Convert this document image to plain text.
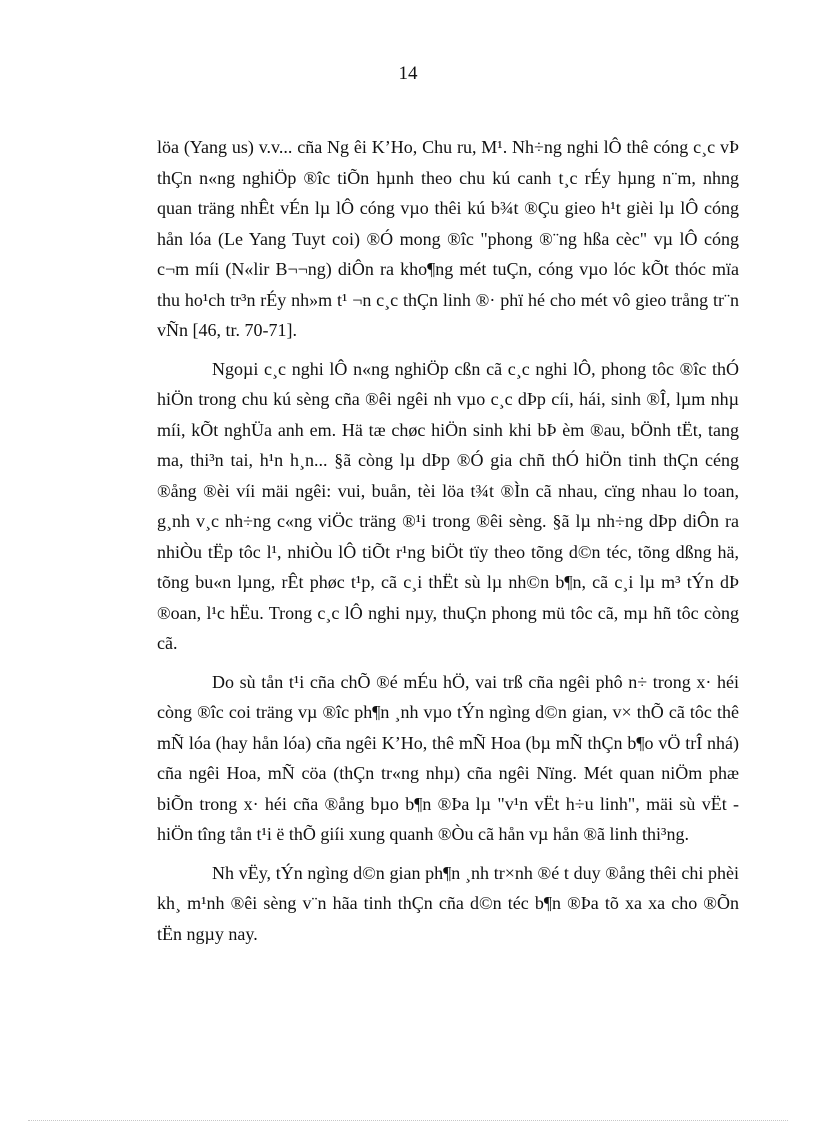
14

löa (Yang us) v.v... cña Ng êi K’Ho, Chu ru, M¹. Nh÷ng nghi lÔ thê cóng c¸c vÞ thÇn n«ng nghiÖp ®îc tiÕn hµnh theo chu kú canh t¸c rÉy hµng n¨m, nhng quan träng nhÊt vÉn lµ lÔ cóng vµo thêi kú b¾t ®Çu gieo h¹t gièi lµ lÔ cóng hån lóa (Le Yang Tuyt coi) ®Ó mong ®îc "phong ®¨ng hßa cèc" vµ lÔ cóng c¬m míi (N«lir B¬¬ng) diÔn ra kho¶ng mét tuÇn, cóng vµo lóc kÕt thóc mïa thu ho¹ch tr³n rÉy nh»m t¹ ¬n c¸c thÇn linh ®· phï hé cho mét vô gieo trång tr¨n vÑn [46, tr. 70-71].

Ngoµi c¸c nghi lÔ n«ng nghiÖp cßn cã c¸c nghi lÔ, phong tôc ®îc thÓ hiÖn trong chu kú sèng cña ®êi ngêi nh vµo c¸c dÞp cíi, hái, sinh ®Î, lµm nhµ míi, kÕt nghÜa anh em. Hä tæ chøc hiÖn sinh khi bÞ èm ®au, bÖnh tËt, tang ma, thi³n tai, h¹n h¸n... §ã còng lµ dÞp ®Ó gia chñ thÓ hiÖn tinh thÇn céng ®ång ®èi víi mäi ngêi: vui, buån, tèi löa t¾t ®Ìn cã nhau, cïng nhau lo toan, g¸nh v¸c nh÷ng c«ng viÖc träng ®¹i trong ®êi sèng. §ã lµ nh÷ng dÞp diÔn ra nhiÒu tËp tôc l¹, nhiÒu lÔ tiÕt r¹ng biÖt tïy theo tõng d©n téc, tõng dßng hä, tõng bu«n lµng, rÊt phøc t¹p, cã c¸i thËt sù lµ nh©n b¶n, cã c¸i lµ m³ tÝn dÞ ®oan, l¹c hËu. Trong c¸c lÔ nghi nµy, thuÇn phong mü tôc cã, mµ hñ tôc còng cã.

Do sù tån t¹i cña chÕ ®é mÉu hÖ, vai trß cña ngêi phô n÷ trong x· héi còng ®îc coi träng vµ ®îc ph¶n ¸nh vµo tÝn ngìng d©n gian, v× thÕ cã tôc thê mÑ lóa (hay hån lóa) cña ngêi K’Ho, thê mÑ Hoa (bµ mÑ thÇn b¶o vÖ trÎ nhá) cña ngêi Hoa, mÑ cöa (thÇn tr«ng nhµ) cña ngêi Nïng. Mét quan niÖm phæ biÕn trong x· héi cña ®ång bµo b¶n ®Þa lµ "v¹n vËt h÷u linh", mäi sù vËt - hiÖn tîng tån t¹i ë thÕ giíi xung quanh ®Òu cã hån vµ hån ®ã linh thi³ng.

Nh vËy, tÝn ngìng d©n gian ph¶n ¸nh tr×nh ®é t duy ®ång thêi chi phèi kh¸ m¹nh ®êi sèng v¨n hãa tinh thÇn cña d©n téc b¶n ®Þa tõ xa xa cho ®Õn tËn ngµy nay.
